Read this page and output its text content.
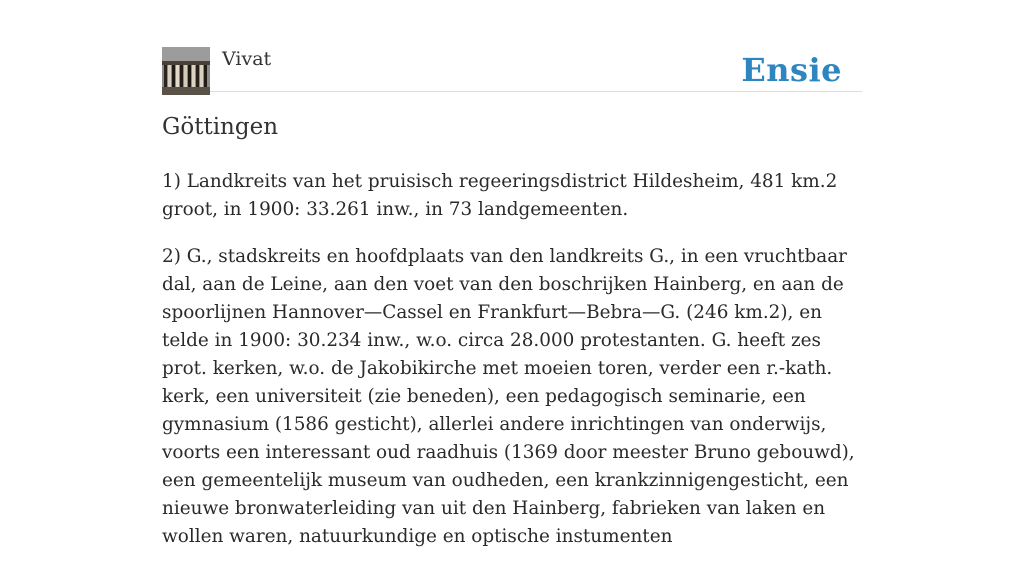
Vivat	Ensie
Göttingen

1) Landkreits van het pruisisch regeeringsdistrict Hildesheim, 481 km.2 groot, in 1900: 33.261 inw., in 73 landgemeenten.

2) G., stadskreits en hoofdplaats van den landkreits G., in een vruchtbaar dal, aan de Leine, aan den voet van den boschrijken Hainberg, en aan de spoorlijnen Hannover—Cassel en Frankfurt—Bebra—G. (246 km.2), en telde in 1900: 30.234 inw., w.o. circa 28.000 protestanten. G. heeft zes prot. kerken, w.o. de Jakobikirche met moeien toren, verder een r.-kath. kerk, een universiteit (zie beneden), een pedagogisch seminarie, een gymnasium (1586 gesticht), allerlei andere inrichtingen van onderwijs, voorts een interessant oud raadhuis (1369 door meester Bruno gebouwd), een gemeentelijk museum van oudheden, een krankzinnigengesticht, een nieuwe bronwaterleiding van uit den Hainberg, fabrieken van laken en wollen waren, natuurkundige en optische instumenten
